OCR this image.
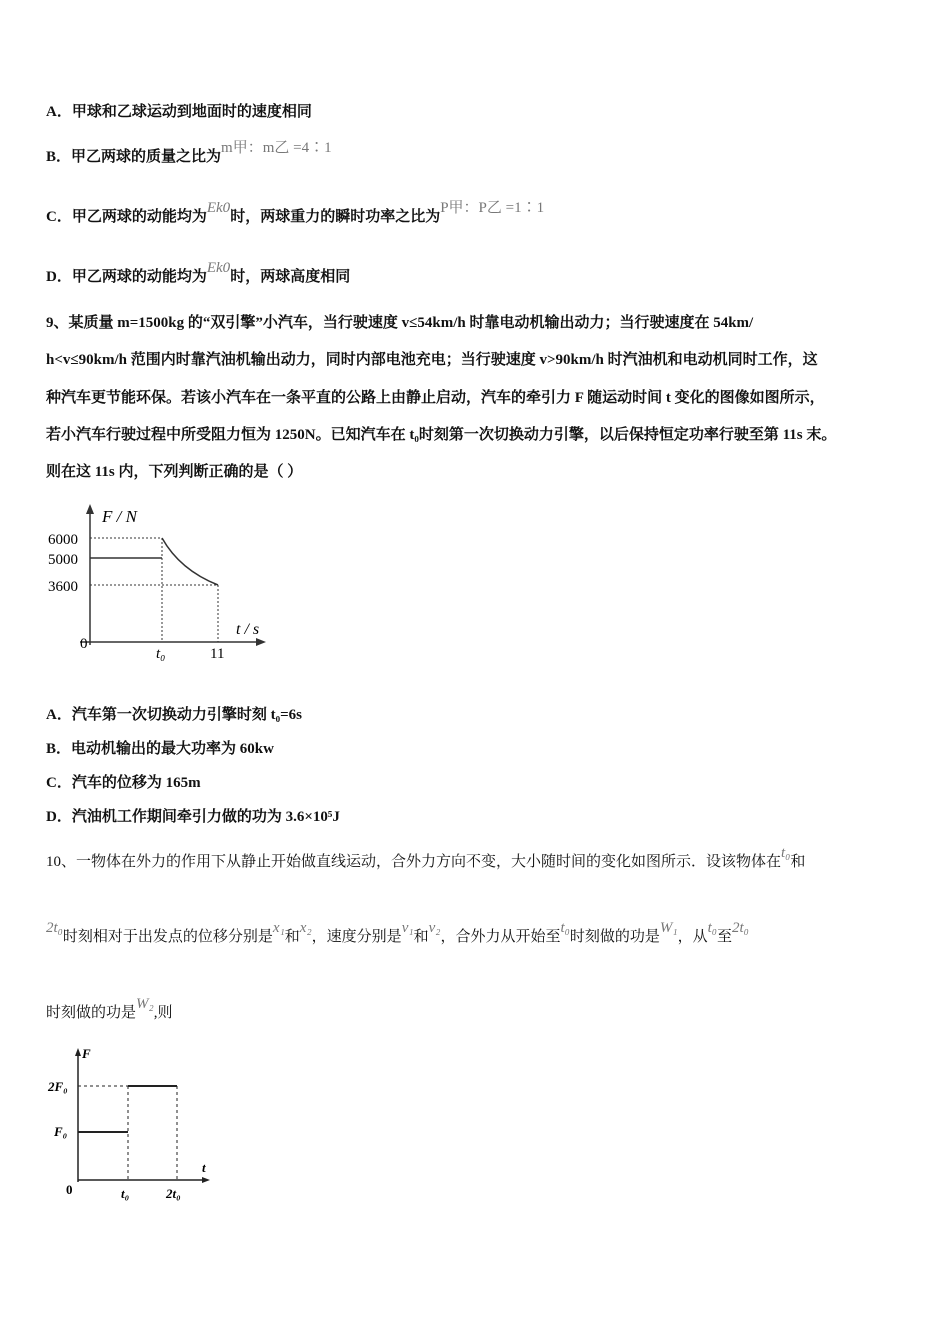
A．甲球和乙球运动到地面时的速度相同
B．甲乙两球的质量之比为m甲：m乙 =4∶1
C．甲乙两球的动能均为Ek0时，两球重力的瞬时功率之比为P甲：P乙 =1∶1
D．甲乙两球的动能均为Ek0时，两球高度相同
9、某质量 m=1500kg 的“双引擎”小汽车，当行驶速度 v≤54km/h 时靠电动机输出动力；当行驶速度在 54km/
h<v≤90km/h 范围内时靠汽油机输出动力，同时内部电池充电；当行驶速度 v>90km/h 时汽油机和电动机同时工作，这
种汽车更节能环保。若该小汽车在一条平直的公路上由静止启动，汽车的牵引力 F 随运动时间 t 变化的图像如图所示，
若小汽车行驶过程中所受阻力恒为 1250N。已知汽车在 t₀时刻第一次切换动力引擎，以后保持恒定功率行驶至第 11s 末。
则在这 11s 内，下列判断正确的是（ ）
F / N
6000
5000
3600
0
t / s
t₀	11
A．汽车第一次切换动力引擎时刻 t₀=6s
B．电动机输出的最大功率为 60kw
C．汽车的位移为 165m
D．汽油机工作期间牵引力做的功为 3.6×10⁵J
10、一物体在外力的作用下从静止开始做直线运动，合外力方向不变，大小随时间的变化如图所示．设该物体在t₀和
2t₀时刻相对于出发点的位移分别是x₁和x₂，速度分别是v₁和v₂，合外力从开始至t₀时刻做的功是W₁，从t₀至2t₀
时刻做的功是W₂,则
F
2F₀
F₀
0
t
t₀	2t₀
